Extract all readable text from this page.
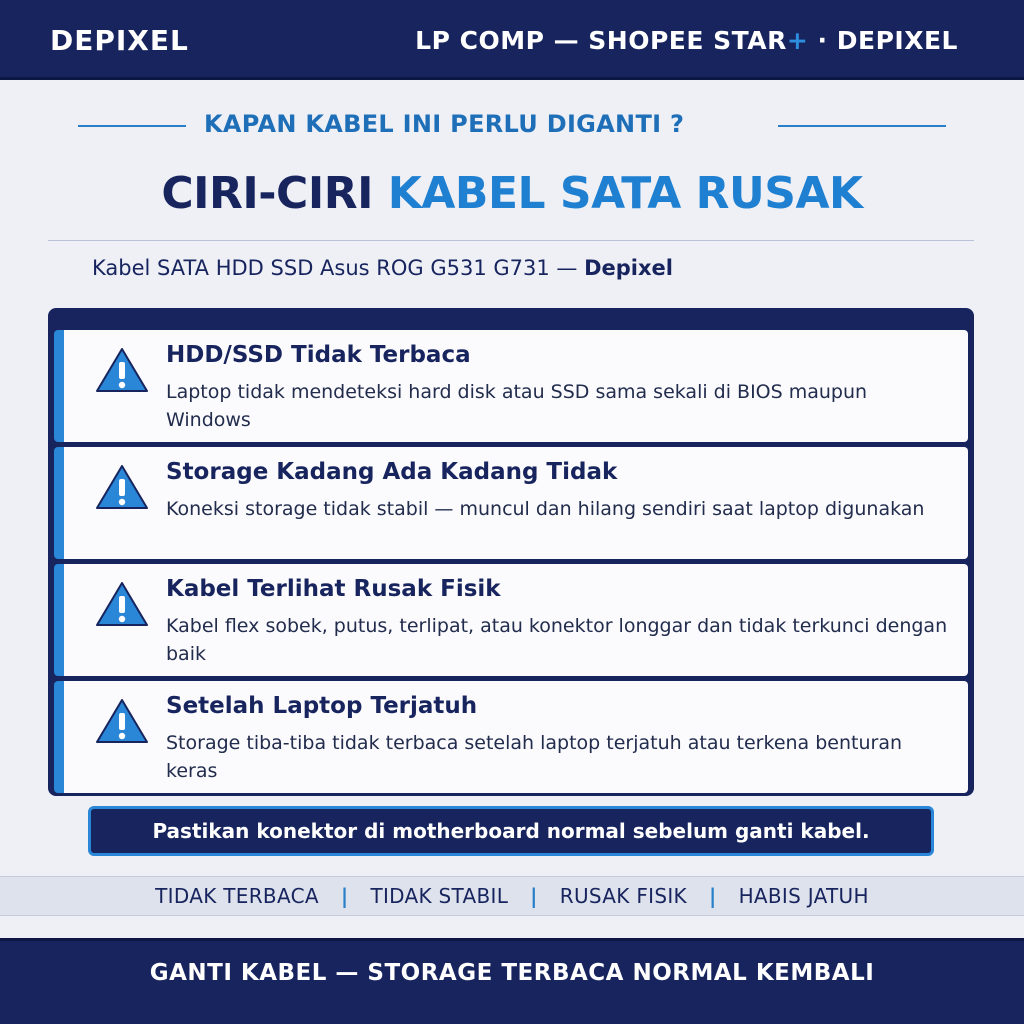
DEPIXEL	LP COMP — SHOPEE STAR+ · DEPIXEL
KAPAN KABEL INI PERLU DIGANTI ?
CIRI-CIRI KABEL SATA RUSAK
Kabel SATA HDD SSD Asus ROG G531 G731 — Depixel
HDD/SSD Tidak Terbaca
Laptop tidak mendeteksi hard disk atau SSD sama sekali di BIOS maupun Windows
Storage Kadang Ada Kadang Tidak
Koneksi storage tidak stabil — muncul dan hilang sendiri saat laptop digunakan
Kabel Terlihat Rusak Fisik
Kabel flex sobek, putus, terlipat, atau konektor longgar dan tidak terkunci dengan baik
Setelah Laptop Terjatuh
Storage tiba-tiba tidak terbaca setelah laptop terjatuh atau terkena benturan keras
Pastikan konektor di motherboard normal sebelum ganti kabel.
TIDAK TERBACA | TIDAK STABIL | RUSAK FISIK | HABIS JATUH
GANTI KABEL — STORAGE TERBACA NORMAL KEMBALI
